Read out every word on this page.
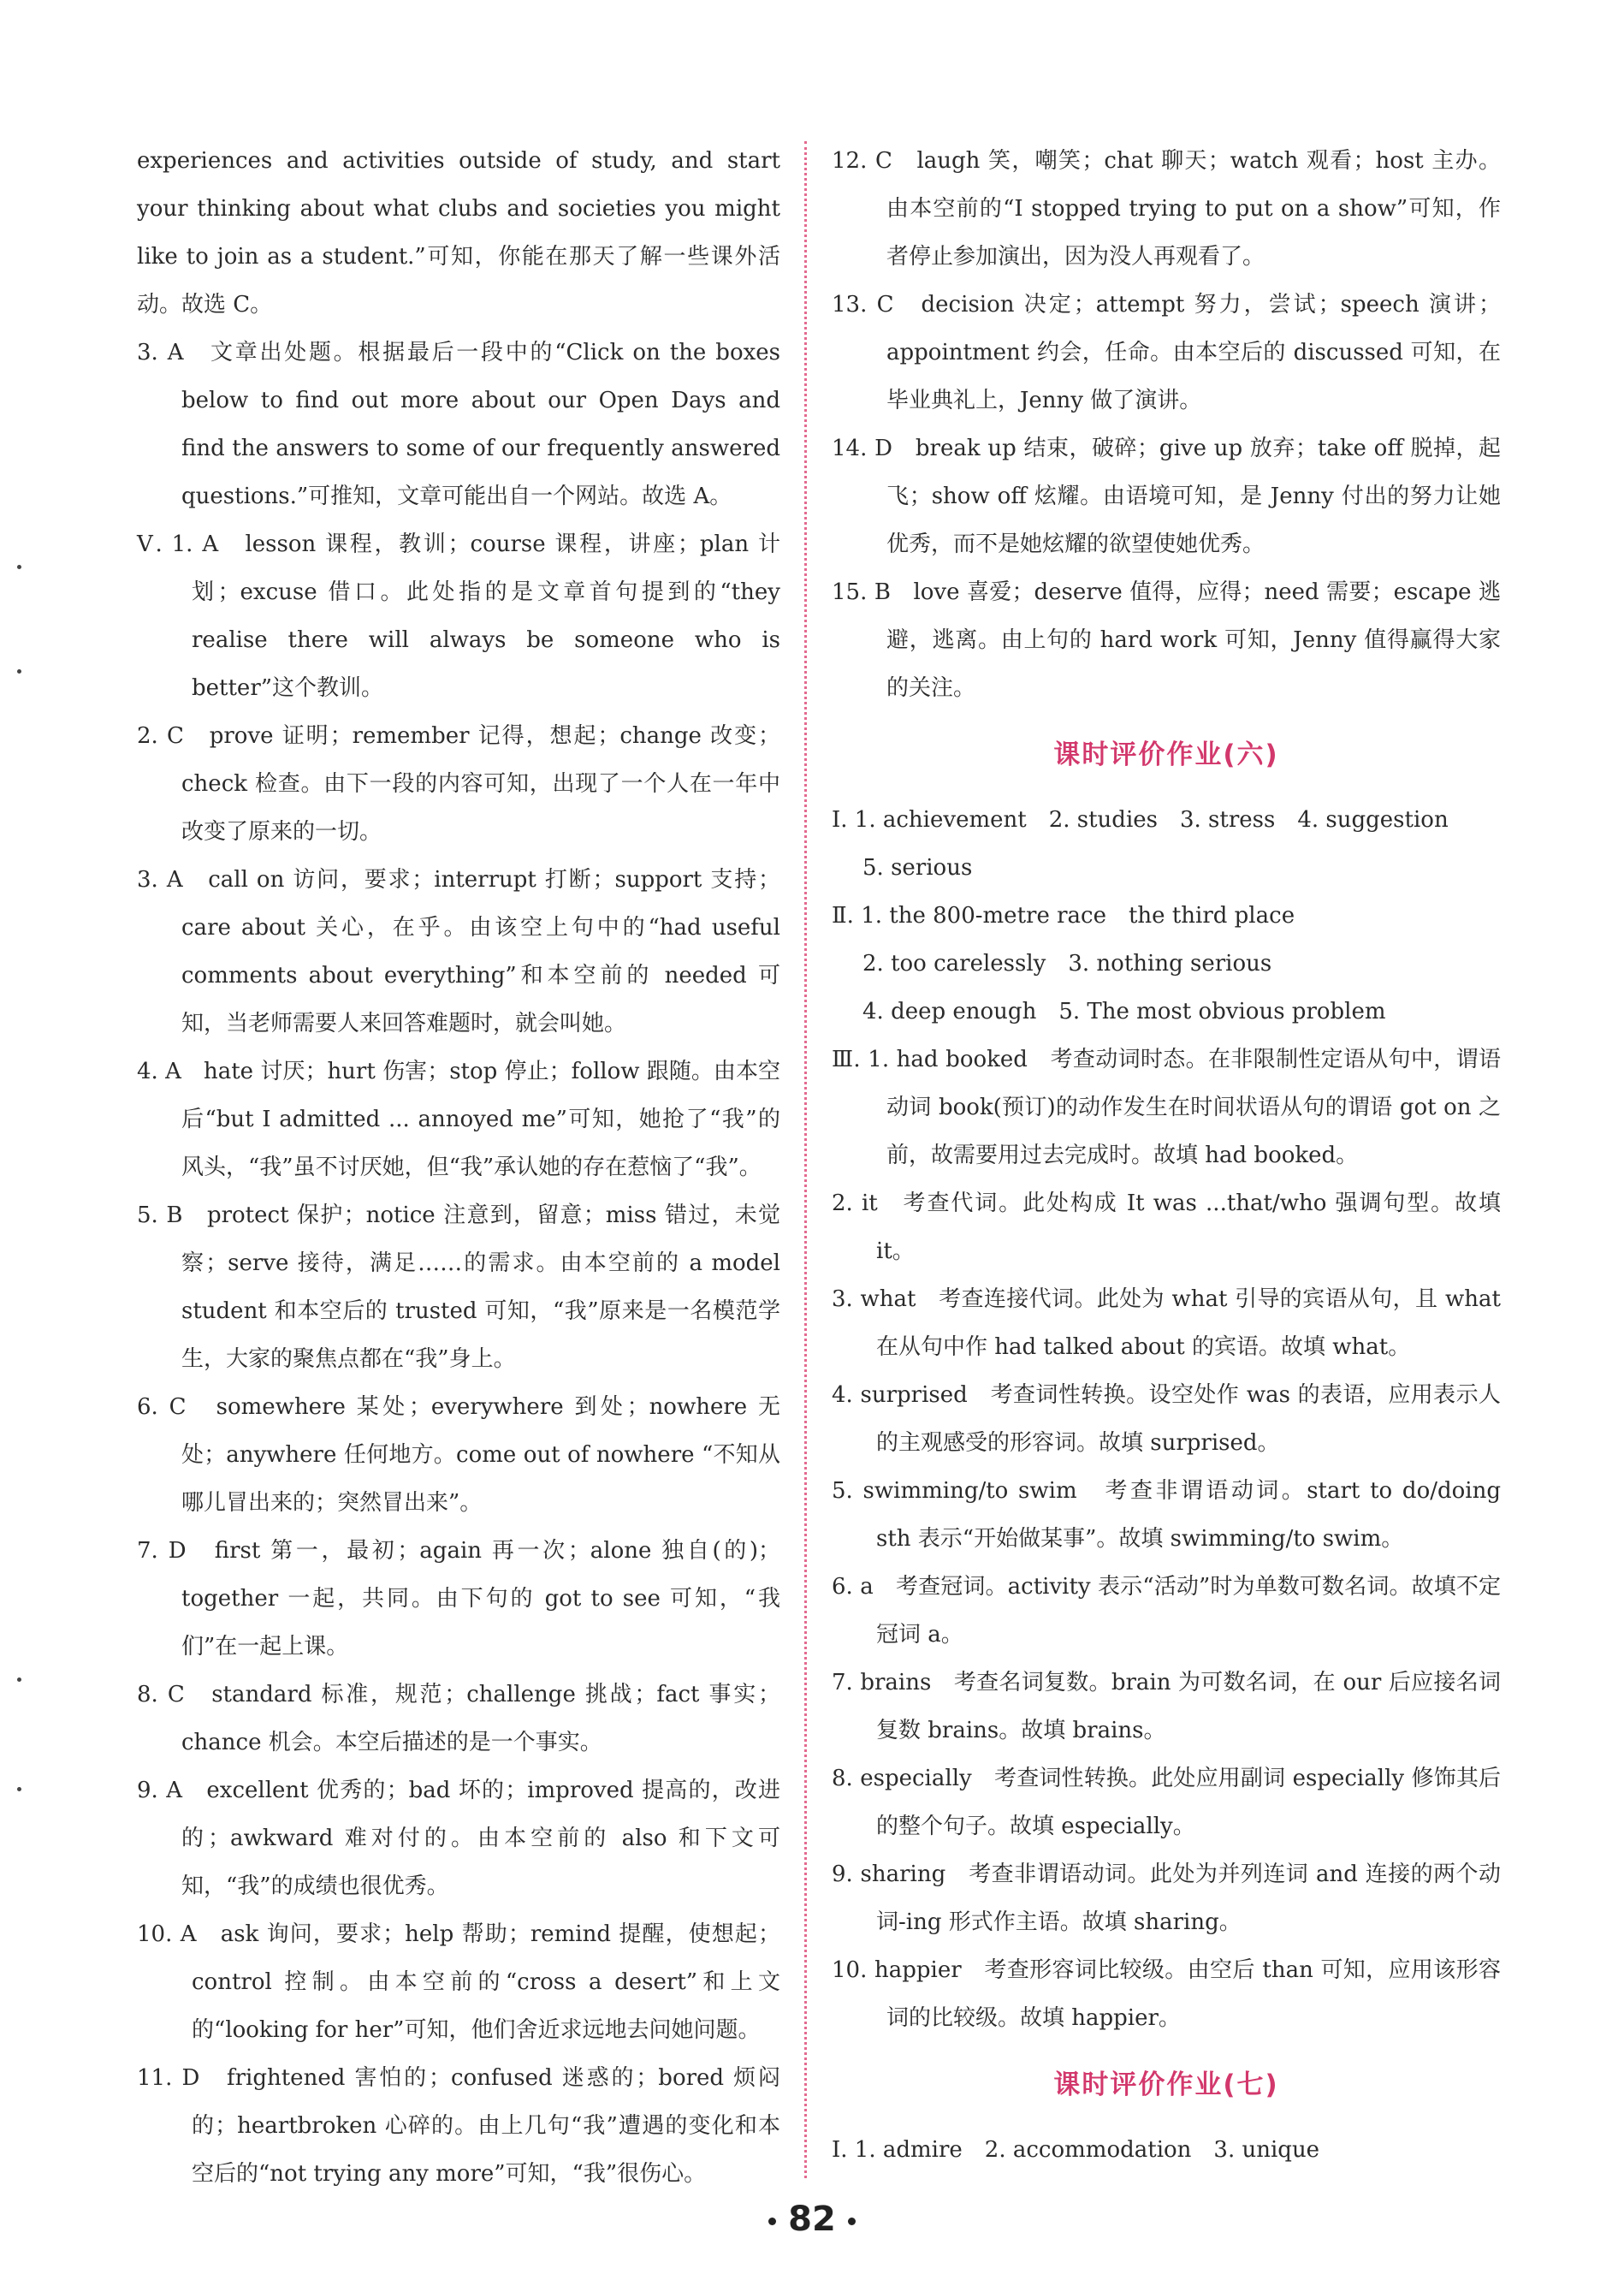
experiences and activities outside of study, and start your thinking about what clubs and societies you might like to join as a student.”可知，你能在那天了解一些课外活动。故选 C。

3. A　文章出处题。根据最后一段中的“Click on the boxes below to find out more about our Open Days and find the answers to some of our frequently answered questions.”可推知，文章可能出自一个网站。故选 A。

Ⅴ. 1. A　lesson 课程，教训；course 课程，讲座；plan 计划；excuse 借口。此处指的是文章首句提到的“they realise there will always be someone who is better”这个教训。

2. C　prove 证明；remember 记得，想起；change 改变；check 检查。由下一段的内容可知，出现了一个人在一年中改变了原来的一切。

3. A　call on 访问，要求；interrupt 打断；support 支持；care about 关心，在乎。由该空上句中的“had useful comments about everything”和本空前的 needed 可知，当老师需要人来回答难题时，就会叫她。

4. A　hate 讨厌；hurt 伤害；stop 停止；follow 跟随。由本空后“but I admitted ... annoyed me”可知，她抢了“我”的风头，“我”虽不讨厌她，但“我”承认她的存在惹恼了“我”。

5. B　protect 保护；notice 注意到，留意；miss 错过，未觉察；serve 接待，满足……的需求。由本空前的 a model student 和本空后的 trusted 可知，“我”原来是一名模范学生，大家的聚焦点都在“我”身上。

6. C　somewhere 某处；everywhere 到处；nowhere 无处；anywhere 任何地方。come out of nowhere “不知从哪儿冒出来的；突然冒出来”。

7. D　first 第一，最初；again 再一次；alone 独自(的)；together 一起，共同。由下句的 got to see 可知，“我们”在一起上课。

8. C　standard 标准，规范；challenge 挑战；fact 事实；chance 机会。本空后描述的是一个事实。

9. A　excellent 优秀的；bad 坏的；improved 提高的，改进的；awkward 难对付的。由本空前的 also 和下文可知，“我”的成绩也很优秀。

10. A　ask 询问，要求；help 帮助；remind 提醒，使想起；control 控制。由本空前的“cross a desert”和上文的“looking for her”可知，他们舍近求远地去问她问题。

11. D　frightened 害怕的；confused 迷惑的；bored 烦闷的；heartbroken 心碎的。由上几句“我”遭遇的变化和本空后的“not trying any more”可知，“我”很伤心。

12. C　laugh 笑，嘲笑；chat 聊天；watch 观看；host 主办。由本空前的“I stopped trying to put on a show”可知，作者停止参加演出，因为没人再观看了。

13. C　decision 决定；attempt 努力，尝试；speech 演讲；appointment 约会，任命。由本空后的 discussed 可知，在毕业典礼上，Jenny 做了演讲。

14. D　break up 结束，破碎；give up 放弃；take off 脱掉，起飞；show off 炫耀。由语境可知，是 Jenny 付出的努力让她优秀，而不是她炫耀的欲望使她优秀。

15. B　love 喜爱；deserve 值得，应得；need 需要；escape 逃避，逃离。由上句的 hard work 可知，Jenny 值得赢得大家的关注。

课时评价作业(六)

Ⅰ. 1. achievement　2. studies　3. stress　4. suggestion

5. serious

Ⅱ. 1. the 800-metre race　the third place

2. too carelessly　3. nothing serious

4. deep enough　5. The most obvious problem

Ⅲ. 1. had booked　考查动词时态。在非限制性定语从句中，谓语动词 book(预订)的动作发生在时间状语从句的谓语 got on 之前，故需要用过去完成时。故填 had booked。

2. it　考查代词。此处构成 It was ...that/who 强调句型。故填 it。

3. what　考查连接代词。此处为 what 引导的宾语从句，且 what 在从句中作 had talked about 的宾语。故填 what。

4. surprised　考查词性转换。设空处作 was 的表语，应用表示人的主观感受的形容词。故填 surprised。

5. swimming/to swim　考查非谓语动词。start to do/doing sth 表示“开始做某事”。故填 swimming/to swim。

6. a　考查冠词。activity 表示“活动”时为单数可数名词。故填不定冠词 a。

7. brains　考查名词复数。brain 为可数名词，在 our 后应接名词复数 brains。故填 brains。

8. especially　考查词性转换。此处应用副词 especially 修饰其后的整个句子。故填 especially。

9. sharing　考查非谓语动词。此处为并列连词 and 连接的两个动词-ing 形式作主语。故填 sharing。

10. happier　考查形容词比较级。由空后 than 可知，应用该形容词的比较级。故填 happier。

课时评价作业(七)

Ⅰ. 1. admire　2. accommodation　3. unique

82
